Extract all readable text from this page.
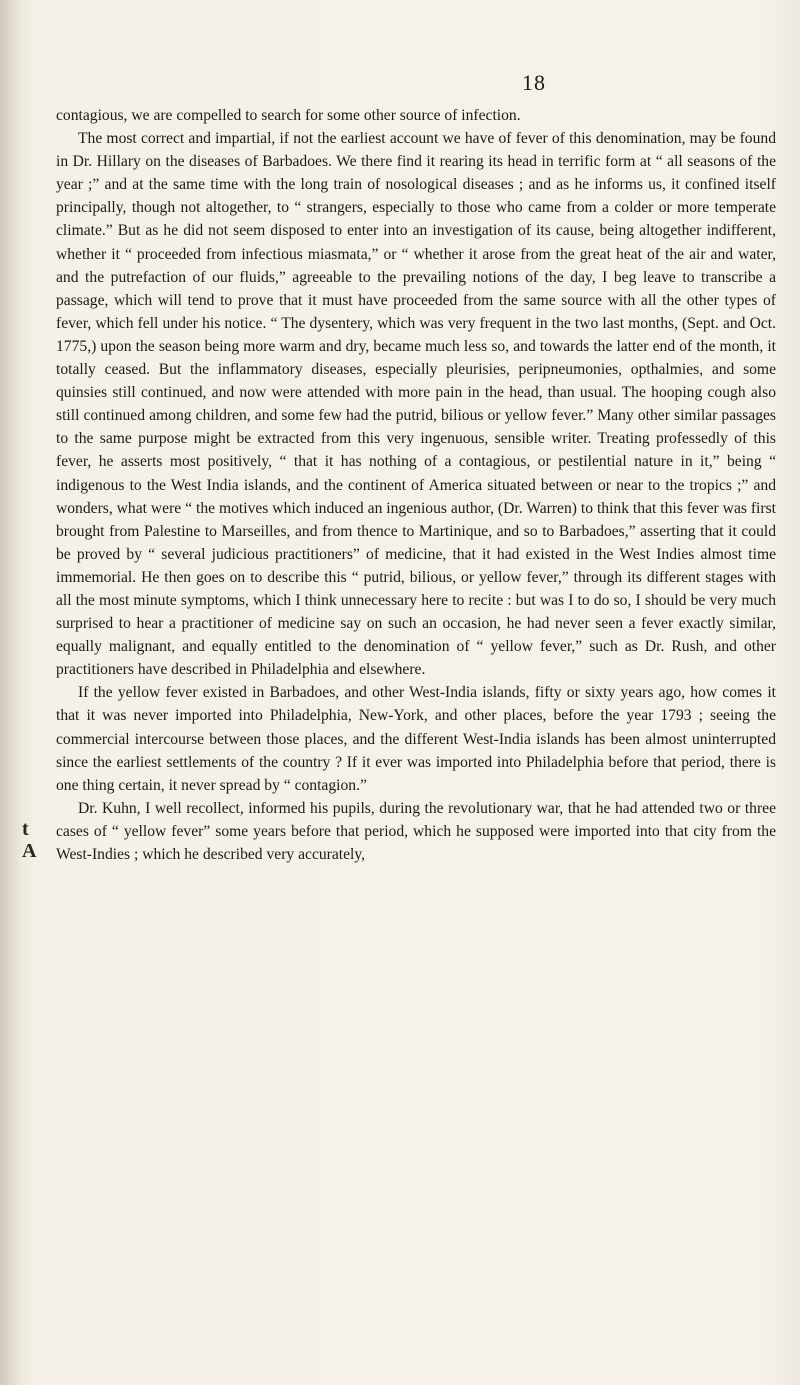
18
t
A

contagious, we are compelled to search for some other source of infection.

The most correct and impartial, if not the earliest account we have of fever of this denomination, may be found in Dr. Hillary on the diseases of Barbadoes. We there find it rearing its head in terrific form at “ all seasons of the year ;” and at the same time with the long train of nosological diseases ; and as he informs us, it confined itself principally, though not altogether, to “ strangers, especially to those who came from a colder or more temperate climate.” But as he did not seem disposed to enter into an investigation of its cause, being altogether indifferent, whether it “ proceeded from infectious miasmata,” or “ whether it arose from the great heat of the air and water, and the putrefaction of our fluids,” agreeable to the prevailing notions of the day, I beg leave to transcribe a passage, which will tend to prove that it must have proceeded from the same source with all the other types of fever, which fell under his notice. “ The dysentery, which was very frequent in the two last months, (Sept. and Oct. 1775,) upon the season being more warm and dry, became much less so, and towards the latter end of the month, it totally ceased. But the inflammatory diseases, especially pleurisies, peripneumonies, opthalmies, and some quinsies still continued, and now were attended with more pain in the head, than usual. The hooping cough also still continued among children, and some few had the putrid, bilious or yellow fever.” Many other similar passages to the same purpose might be extracted from this very ingenuous, sensible writer. Treating professedly of this fever, he asserts most positively, “ that it has nothing of a contagious, or pestilential nature in it,” being “ indigenous to the West India islands, and the continent of America situated between or near to the tropics ;” and wonders, what were “ the motives which induced an ingenious author, (Dr. Warren) to think that this fever was first brought from Palestine to Marseilles, and from thence to Martinique, and so to Barbadoes,” asserting that it could be proved by “ several judicious practitioners” of medicine, that it had existed in the West Indies almost time immemorial. He then goes on to describe this “ putrid, bilious, or yellow fever,” through its different stages with all the most minute symptoms, which I think unnecessary here to recite : but was I to do so, I should be very much surprised to hear a practitioner of medicine say on such an occasion, he had never seen a fever exactly similar, equally malignant, and equally entitled to the denomination of “ yellow fever,” such as Dr. Rush, and other practitioners have described in Philadelphia and elsewhere.

If the yellow fever existed in Barbadoes, and other West-India islands, fifty or sixty years ago, how comes it that it was never imported into Philadelphia, New-York, and other places, before the year 1793 ; seeing the commercial intercourse between those places, and the different West-India islands has been almost uninterrupted since the earliest settlements of the country ? If it ever was imported into Philadelphia before that period, there is one thing certain, it never spread by “ contagion.”

Dr. Kuhn, I well recollect, informed his pupils, during the revolutionary war, that he had attended two or three cases of “ yellow fever” some years before that period, which he supposed were imported into that city from the West-Indies ; which he described very accurately,
